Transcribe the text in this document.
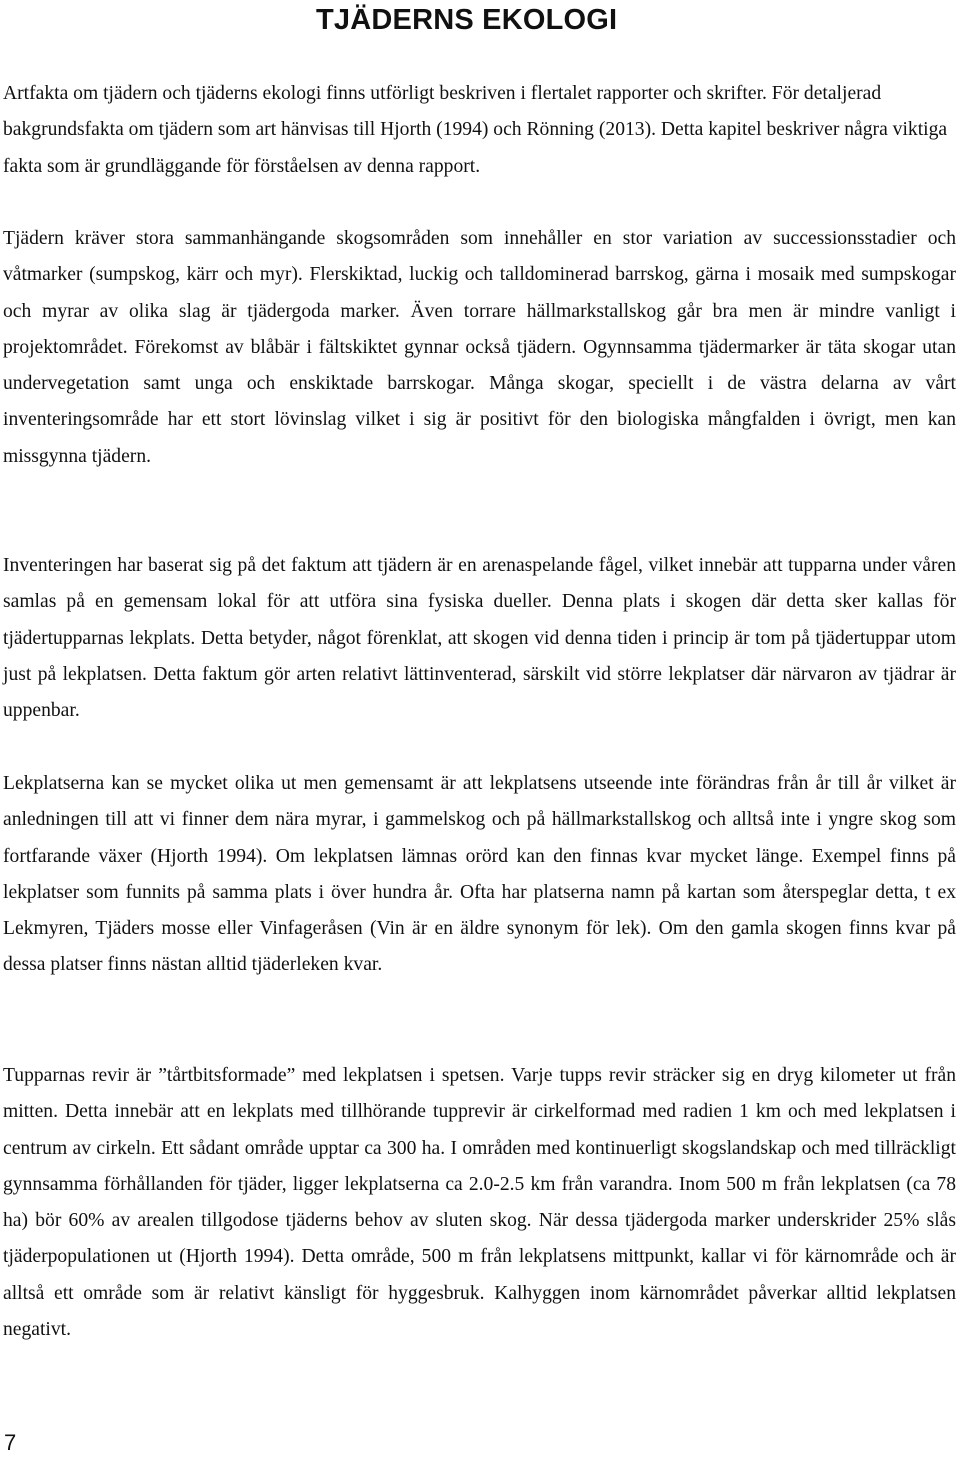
TJÄDERNS EKOLOGI

Artfakta om tjädern och tjäderns ekologi finns utförligt beskriven i flertalet rapporter och skrifter. För detaljerad bakgrundsfakta om tjädern som art hänvisas till Hjorth (1994) och Rönning (2013). Detta kapitel beskriver några viktiga fakta som är grundläggande för förståelsen av denna rapport.

Tjädern kräver stora sammanhängande skogsområden som innehåller en stor variation av successionsstadier och våtmarker (sumpskog, kärr och myr). Flerskiktad, luckig och talldominerad barrskog, gärna i mosaik med sumpskogar och myrar av olika slag är tjädergoda marker. Även torrare hällmarkstallskog går bra men är mindre vanligt i projektområdet. Förekomst av blåbär i fältskiktet gynnar också tjädern. Ogynnsamma tjädermarker är täta skogar utan undervegetation samt unga och enskiktade barrskogar. Många skogar, speciellt i de västra delarna av vårt inventeringsområde har ett stort lövinslag vilket i sig är positivt för den biologiska mångfalden i övrigt, men kan missgynna tjädern.

Inventeringen har baserat sig på det faktum att tjädern är en arenaspelande fågel, vilket innebär att tupparna under våren samlas på en gemensam lokal för att utföra sina fysiska dueller. Denna plats i skogen där detta sker kallas för tjädertupparnas lekplats. Detta betyder, något förenklat, att skogen vid denna tiden i princip är tom på tjädertuppar utom just på lekplatsen. Detta faktum gör arten relativt lättinventerad, särskilt vid större lekplatser där närvaron av tjädrar är uppenbar.

Lekplatserna kan se mycket olika ut men gemensamt är att lekplatsens utseende inte förändras från år till år vilket är anledningen till att vi finner dem nära myrar, i gammelskog och på hällmarkstallskog och alltså inte i yngre skog som fortfarande växer (Hjorth 1994). Om lekplatsen lämnas orörd kan den finnas kvar mycket länge. Exempel finns på lekplatser som funnits på samma plats i över hundra år. Ofta har platserna namn på kartan som återspeglar detta, t ex Lekmyren, Tjäders mosse eller Vinfageråsen (Vin är en äldre synonym för lek). Om den gamla skogen finns kvar på dessa platser finns nästan alltid tjäderleken kvar.

Tupparnas revir är ”tårtbitsformade” med lekplatsen i spetsen. Varje tupps revir sträcker sig en dryg kilometer ut från mitten. Detta innebär att en lekplats med tillhörande tupprevir är cirkelformad med radien 1 km och med lekplatsen i centrum av cirkeln. Ett sådant område upptar ca 300 ha. I områden med kontinuerligt skogslandskap och med tillräckligt gynnsamma förhållanden för tjäder, ligger lekplatserna ca 2.0-2.5 km från varandra. Inom 500 m från lekplatsen (ca 78 ha) bör 60% av arealen tillgodose tjäderns behov av sluten skog. När dessa tjädergoda marker underskrider 25% slås tjäderpopulationen ut (Hjorth 1994). Detta område, 500 m från lekplatsens mittpunkt, kallar vi för kärnområde och är alltså ett område som är relativt känsligt för hyggesbruk. Kalhyggen inom kärnområdet påverkar alltid lekplatsen negativt.

7
